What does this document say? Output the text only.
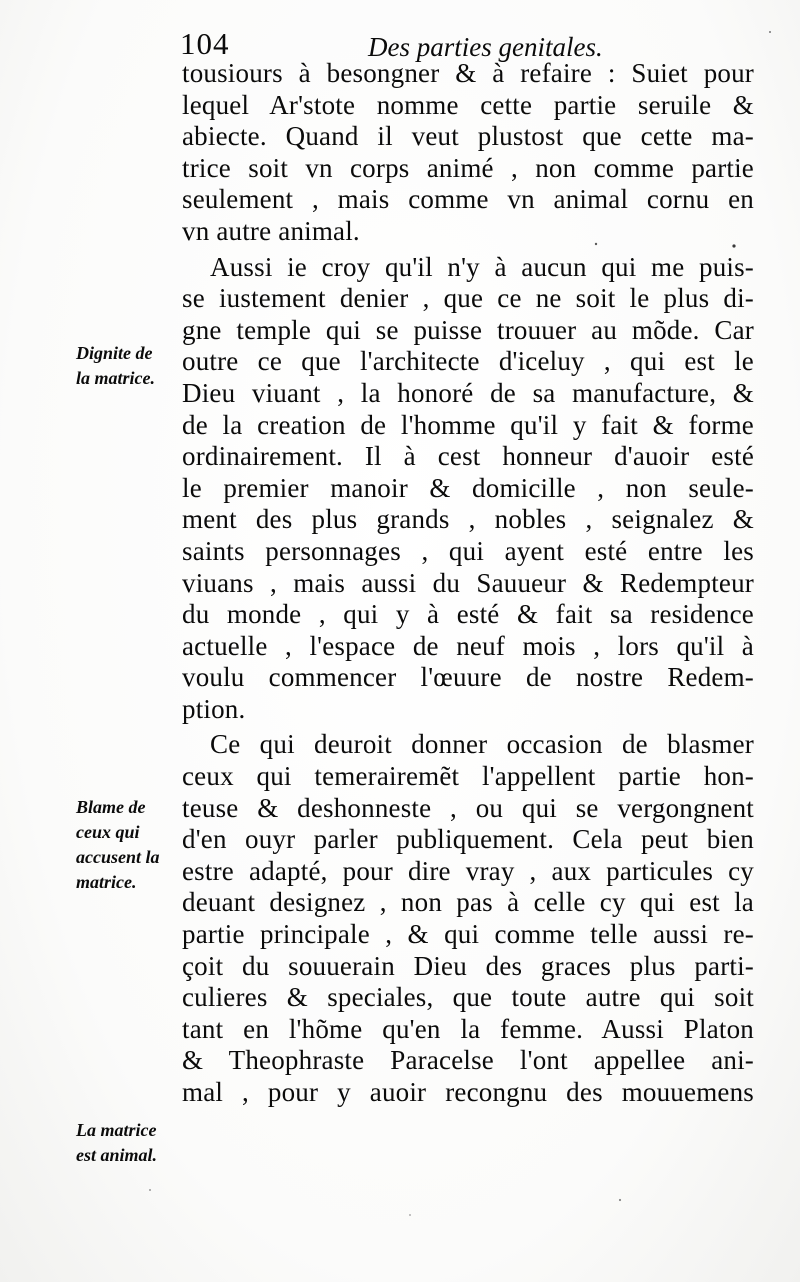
104	Des parties genitales.
Dignite de
la matrice.
Blame de
ceux qui
accusent la
matrice.
La matrice
est animal.
tousiours à besongner & à refaire : Suiet pour
lequel Ar'stote nomme cette partie seruile &
abiecte. Quand il veut plustost que cette ma-
trice soit vn corps animé , non comme partie
seulement , mais comme vn animal cornu en
vn autre animal.
Aussi ie croy qu'il n'y à aucun qui me puis-
se iustement denier , que ce ne soit le plus di-
gne temple qui se puisse trouuer au mõde. Car
outre ce que l'architecte d'iceluy , qui est le
Dieu viuant , la honoré de sa manufacture, &
de la creation de l'homme qu'il y fait & forme
ordinairement. Il à cest honneur d'auoir esté
le premier manoir & domicille , non seule-
ment des plus grands , nobles , seignalez &
saints personnages , qui ayent esté entre les
viuans , mais aussi du Sauueur & Redempteur
du monde , qui y à esté & fait sa residence
actuelle , l'espace de neuf mois , lors qu'il à
voulu commencer l'œuure de nostre Redem-
ption.
Ce qui deuroit donner occasion de blasmer
ceux qui temerairemẽt l'appellent partie hon-
teuse & deshonneste , ou qui se vergongnent
d'en ouyr parler publiquement. Cela peut bien
estre adapté, pour dire vray , aux particules cy
deuant designez , non pas à celle cy qui est la
partie principale , & qui comme telle aussi re-
çoit du souuerain Dieu des graces plus parti-
culieres & speciales, que toute autre qui soit
tant en l'hõme qu'en la femme. Aussi Platon
& Theophraste Paracelse l'ont appellee ani-
mal , pour y auoir recongnu des mouuemens
